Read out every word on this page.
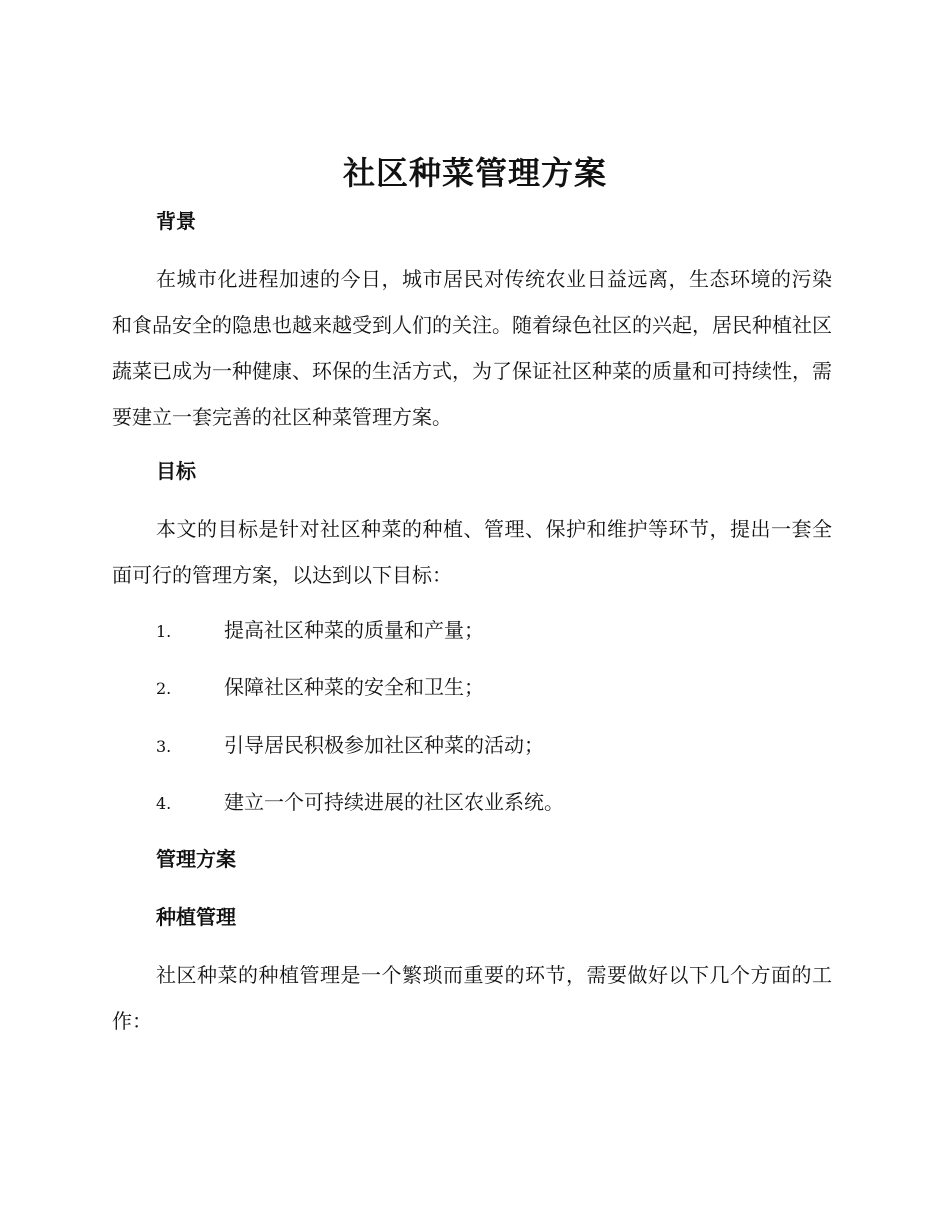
社区种菜管理方案
背景
在城市化进程加速的今日，城市居民对传统农业日益远离，生态环境的污染和食品安全的隐患也越来越受到人们的关注。随着绿色社区的兴起，居民种植社区蔬菜已成为一种健康、环保的生活方式，为了保证社区种菜的质量和可持续性，需要建立一套完善的社区种菜管理方案。
目标
本文的目标是针对社区种菜的种植、管理、保护和维护等环节，提出一套全面可行的管理方案，以达到以下目标：
1.	提高社区种菜的质量和产量；
2.	保障社区种菜的安全和卫生；
3.	引导居民积极参加社区种菜的活动；
4.	建立一个可持续进展的社区农业系统。
管理方案
种植管理
社区种菜的种植管理是一个繁琐而重要的环节，需要做好以下几个方面的工作：
